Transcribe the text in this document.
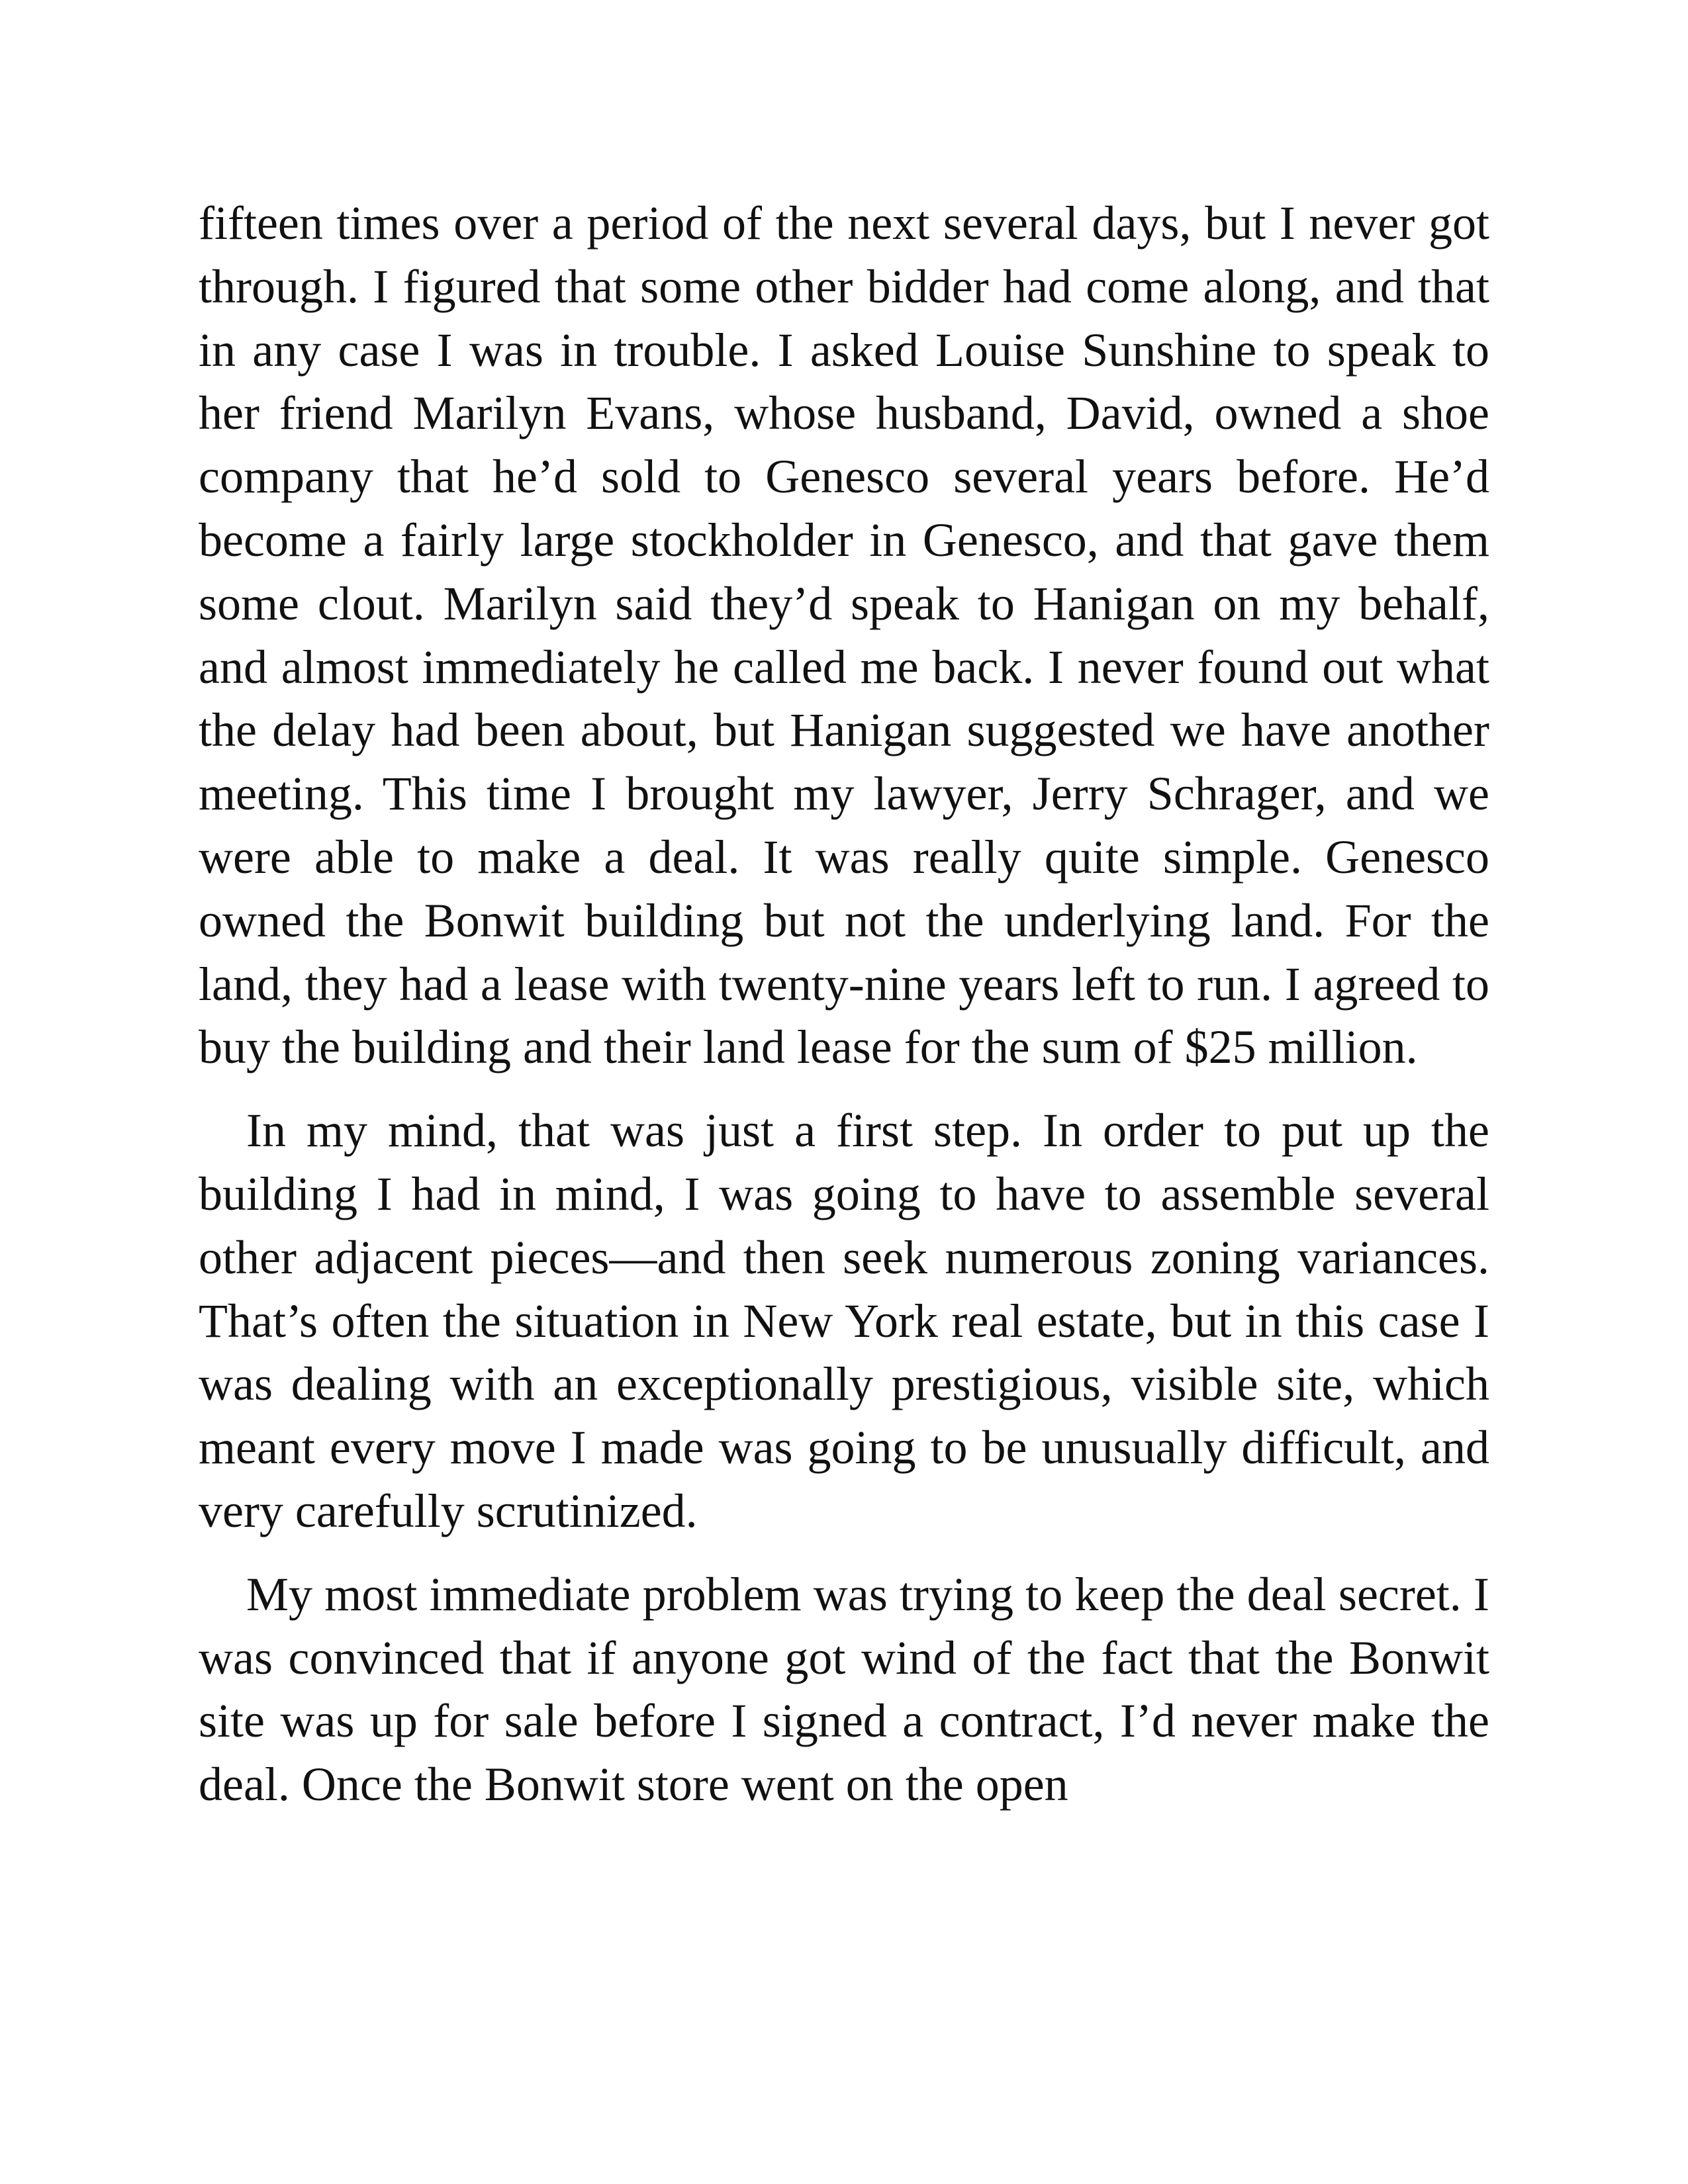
fifteen times over a period of the next several days, but I never got through. I figured that some other bidder had come along, and that in any case I was in trouble. I asked Louise Sunshine to speak to her friend Marilyn Evans, whose husband, David, owned a shoe company that he’d sold to Genesco several years before. He’d become a fairly large stockholder in Genesco, and that gave them some clout. Marilyn said they’d speak to Hanigan on my behalf, and almost immediately he called me back. I never found out what the delay had been about, but Hanigan suggested we have another meeting. This time I brought my lawyer, Jerry Schrager, and we were able to make a deal. It was really quite simple. Genesco owned the Bonwit building but not the underlying land. For the land, they had a lease with twenty-nine years left to run. I agreed to buy the building and their land lease for the sum of $25 million.

In my mind, that was just a first step. In order to put up the building I had in mind, I was going to have to assemble several other adjacent pieces—and then seek numerous zoning variances. That’s often the situation in New York real estate, but in this case I was dealing with an exceptionally prestigious, visible site, which meant every move I made was going to be unusually difficult, and very carefully scrutinized.

My most immediate problem was trying to keep the deal secret. I was convinced that if anyone got wind of the fact that the Bonwit site was up for sale before I signed a contract, I’d never make the deal. Once the Bonwit store went on the open
